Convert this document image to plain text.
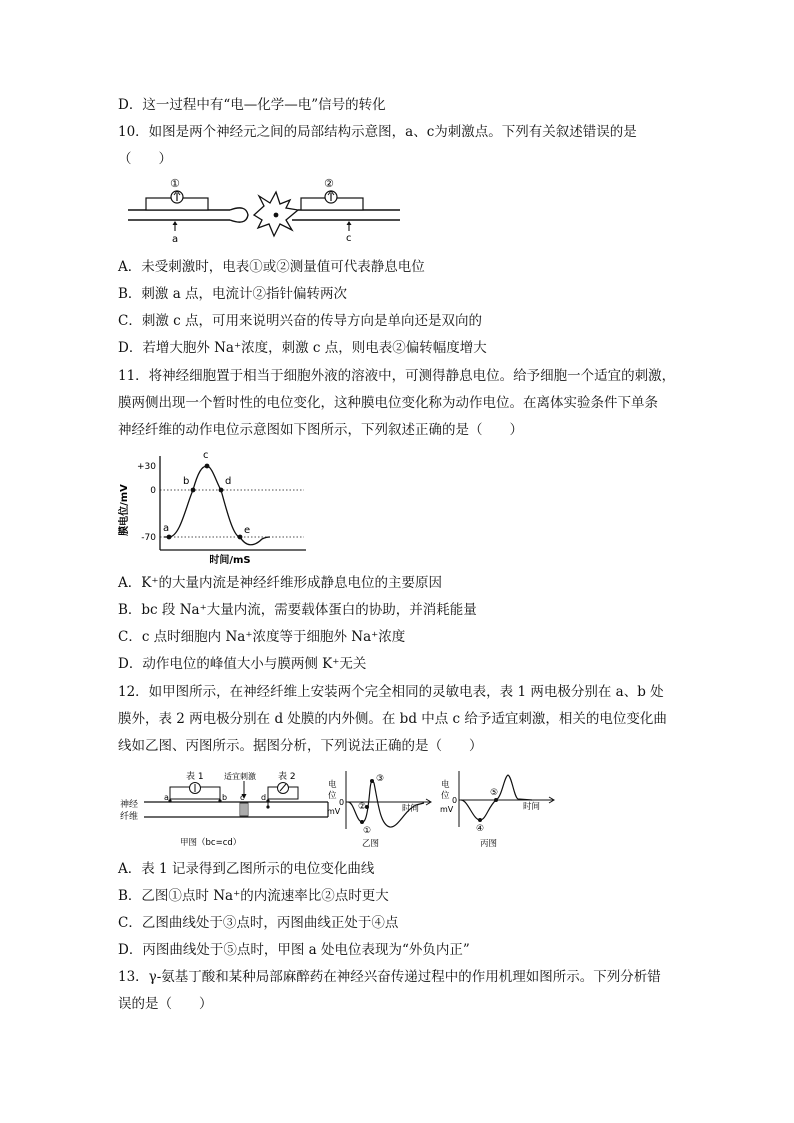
D．这一过程中有“电—化学—电”信号的转化
10．如图是两个神经元之间的局部结构示意图，a、c为刺激点。下列有关叙述错误的是
（　　）
①	②
a	c
A．未受刺激时，电表①或②测量值可代表静息电位
B．刺激 a 点，电流计②指针偏转两次
C．刺激 c 点，可用来说明兴奋的传导方向是单向还是双向的
D．若增大胞外 Na⁺浓度，刺激 c 点，则电表②偏转幅度增大
11．将神经细胞置于相当于细胞外液的溶液中，可测得静息电位。给予细胞一个适宜的刺激，
膜两侧出现一个暂时性的电位变化，这种膜电位变化称为动作电位。在离体实验条件下单条
神经纤维的动作电位示意图如下图所示，下列叙述正确的是（　　）
膜电位/mV
+30
0
-70
时间/mS
a
b
c
d
e
A．K⁺的大量内流是神经纤维形成静息电位的主要原因
B．bc 段 Na⁺大量内流，需要载体蛋白的协助，并消耗能量
C．c 点时细胞内 Na⁺浓度等于细胞外 Na⁺浓度
D．动作电位的峰值大小与膜两侧 K⁺无关
12．如甲图所示，在神经纤维上安装两个完全相同的灵敏电表，表 1 两电极分别在 a、b 处
膜外，表 2 两电极分别在 d 处膜的内外侧。在 bd 中点 c 给予适宜刺激，相关的电位变化曲
线如乙图、丙图所示。据图分析，下列说法正确的是（　　）
神经
纤维
表 1
a	b
适宜刺激
c
表 2
d
甲图（bc=cd）
电
位
0
mV	时间
①
②
③
乙图
电
位 0
mV	时间
④
⑤
丙图
A．表 1 记录得到乙图所示的电位变化曲线
B．乙图①点时 Na⁺的内流速率比②点时更大
C．乙图曲线处于③点时，丙图曲线正处于④点
D．丙图曲线处于⑤点时，甲图 a 处电位表现为“外负内正”
13．γ-氨基丁酸和某种局部麻醉药在神经兴奋传递过程中的作用机理如图所示。下列分析错
误的是（　　）
